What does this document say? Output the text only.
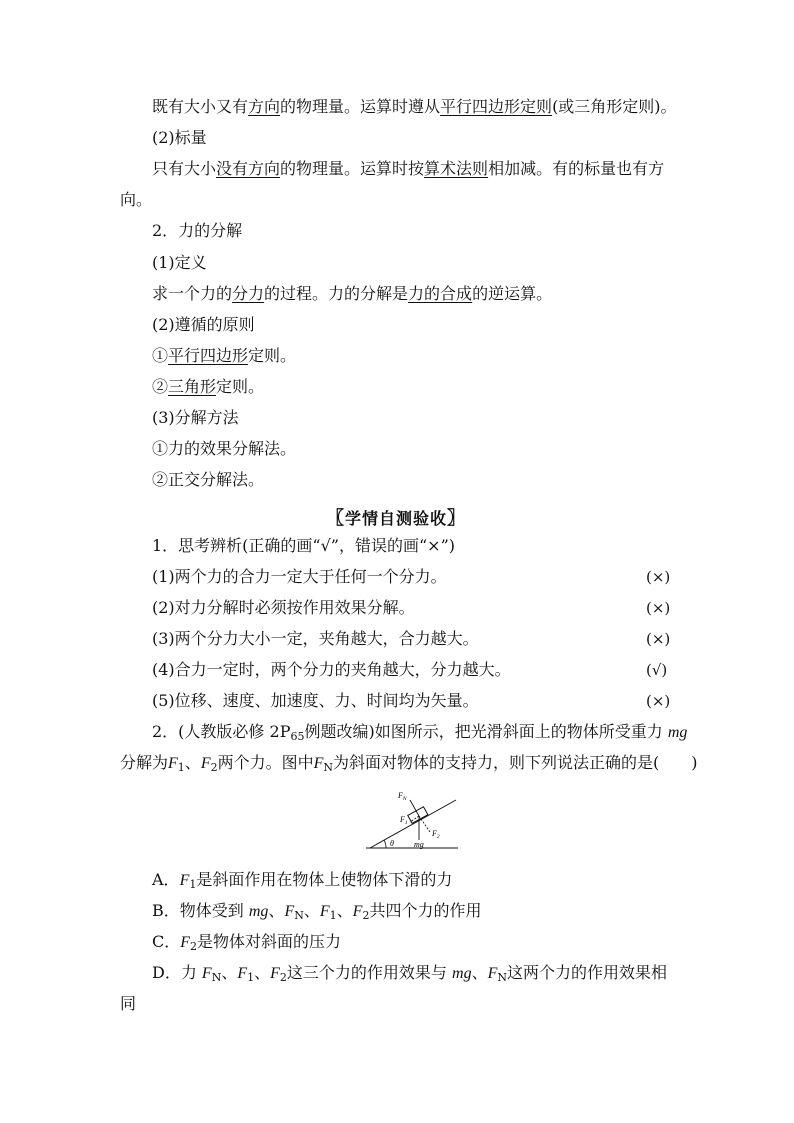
既有大小又有方向的物理量。运算时遵从平行四边形定则(或三角形定则)。
(2)标量
只有大小没有方向的物理量。运算时按算术法则相加减。有的标量也有方
向。
2．力的分解
(1)定义
求一个力的分力的过程。力的分解是力的合成的逆运算。
(2)遵循的原则
①平行四边形定则。
②三角形定则。
(3)分解方法
①力的效果分解法。
②正交分解法。
〖学情自测验收〗
1．思考辨析(正确的画“√”，错误的画“×”)
(1)两个力的合力一定大于任何一个分力。	(×)
(2)对力分解时必须按作用效果分解。	(×)
(3)两个分力大小一定，夹角越大，合力越大。	(×)
(4)合力一定时，两个分力的夹角越大，分力越大。	(√)
(5)位移、速度、加速度、力、时间均为矢量。	(×)
2．(人教版必修 $2P_{65}$例题改编)如图所示，把光滑斜面上的物体所受重力 mg
分解为$F_1$、$F_2$两个力。图中$F_N$为斜面对物体的支持力，则下列说法正确的是(　　)
$F_N$
$F_1$
$F_2$
θ	mg
A．$F_1$是斜面作用在物体上使物体下滑的力
B．物体受到 mg、$F_N$、$F_1$、$F_2$共四个力的作用
C．$F_2$是物体对斜面的压力
D．力 $F_N$、$F_1$、$F_2$这三个力的作用效果与 mg、$F_N$这两个力的作用效果相
同
